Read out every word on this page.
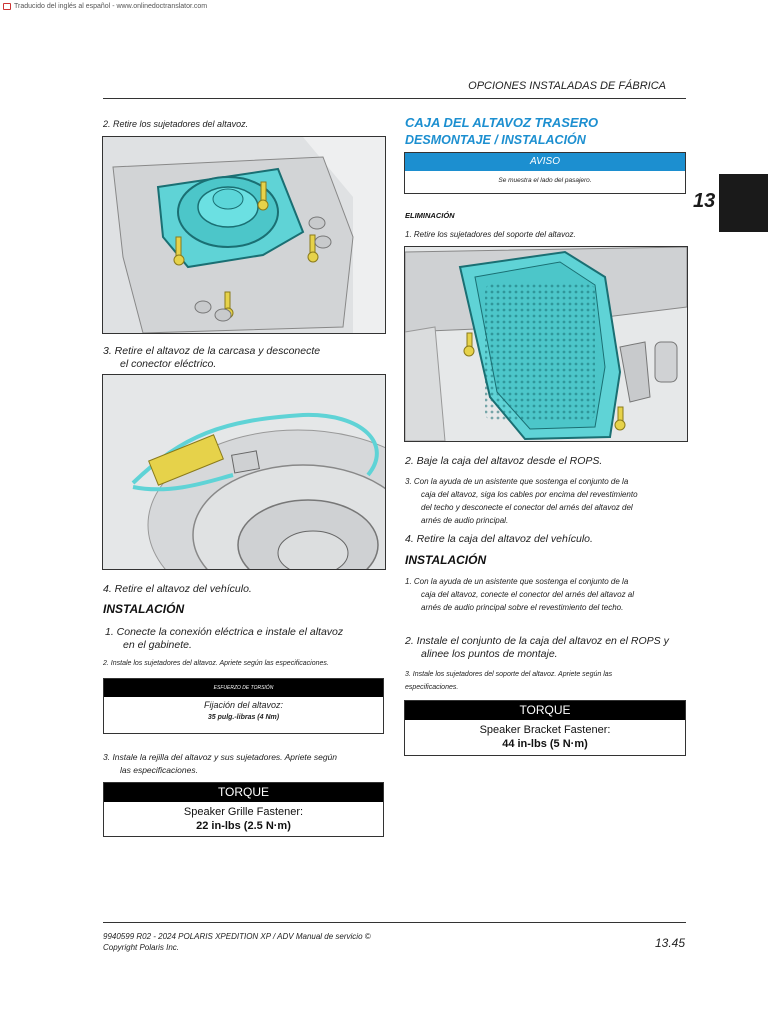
Traducido del inglés al español - www.onlinedoctranslator.com
OPCIONES INSTALADAS DE FÁBRICA
13
2. Retire los sujetadores del altavoz.
3. Retire el altavoz de la carcasa y desconecte
el conector eléctrico.
4. Retire el altavoz del vehículo.
INSTALACIÓN
1. Conecte la conexión eléctrica e instale el altavoz
en el gabinete.
2. Instale los sujetadores del altavoz. Apriete según las especificaciones.
ESFUERZO DE TORSIÓN
Fijación del altavoz:
35 pulg.-libras (4 Nm)
3. Instale la rejilla del altavoz y sus sujetadores. Apriete según
las especificaciones.
TORQUE
Speaker Grille Fastener:
22 in-lbs (2.5 N·m)
CAJA DEL ALTAVOZ TRASERO
DESMONTAJE / INSTALACIÓN
AVISO
Se muestra el lado del pasajero.
ELIMINACIÓN
1. Retire los sujetadores del soporte del altavoz.
2. Baje la caja del altavoz desde el ROPS.
3. Con la ayuda de un asistente que sostenga el conjunto de la
caja del altavoz, siga los cables por encima del revestimiento
del techo y desconecte el conector del arnés del altavoz del
arnés de audio principal.
4. Retire la caja del altavoz del vehículo.
INSTALACIÓN
1. Con la ayuda de un asistente que sostenga el conjunto de la
caja del altavoz, conecte el conector del arnés del altavoz al
arnés de audio principal sobre el revestimiento del techo.
2. Instale el conjunto de la caja del altavoz en el ROPS y
alinee los puntos de montaje.
3. Instale los sujetadores del soporte del altavoz. Apriete según las
especificaciones.
TORQUE
Speaker Bracket Fastener:
44 in-lbs (5 N·m)
9940599 R02 - 2024 POLARIS XPEDITION XP / ADV Manual de servicio ©
Copyright Polaris Inc.	13.45
